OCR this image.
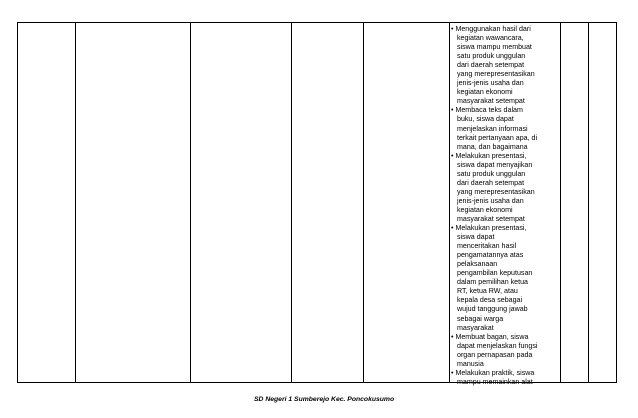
• Menggunakan hasil dari
kegiatan wawancara,
siswa mampu membuat
satu produk unggulan
dari daerah setempat
yang merepresentasikan
jenis-jenis usaha dan
kegiatan ekonomi
masyarakat setempat
• Membaca teks dalam
buku, siswa dapat
menjelaskan informasi
terkait pertanyaan apa, di
mana, dan bagaimana
• Melakukan presentasi,
siswa dapat menyajikan
satu produk unggulan
dari daerah setempat
yang merepresentasikan
jenis-jenis usaha dan
kegiatan ekonomi
masyarakat setempat
• Melakukan presentasi,
siswa dapat
menceritakan hasil
pengamatannya atas
pelaksanaan
pengambilan keputusan
dalam pemilihan ketua
RT, ketua RW, atau
kepala desa sebagai
wujud tanggung jawab
sebagai warga
masyarakat
• Membuat bagan, siswa
dapat menjelaskan fungsi
organ pernapasan pada
manusia
• Melakukan praktik, siswa
mampu memainkan alat
SD Negeri 1 Sumberejo Kec. Poncokusumo
